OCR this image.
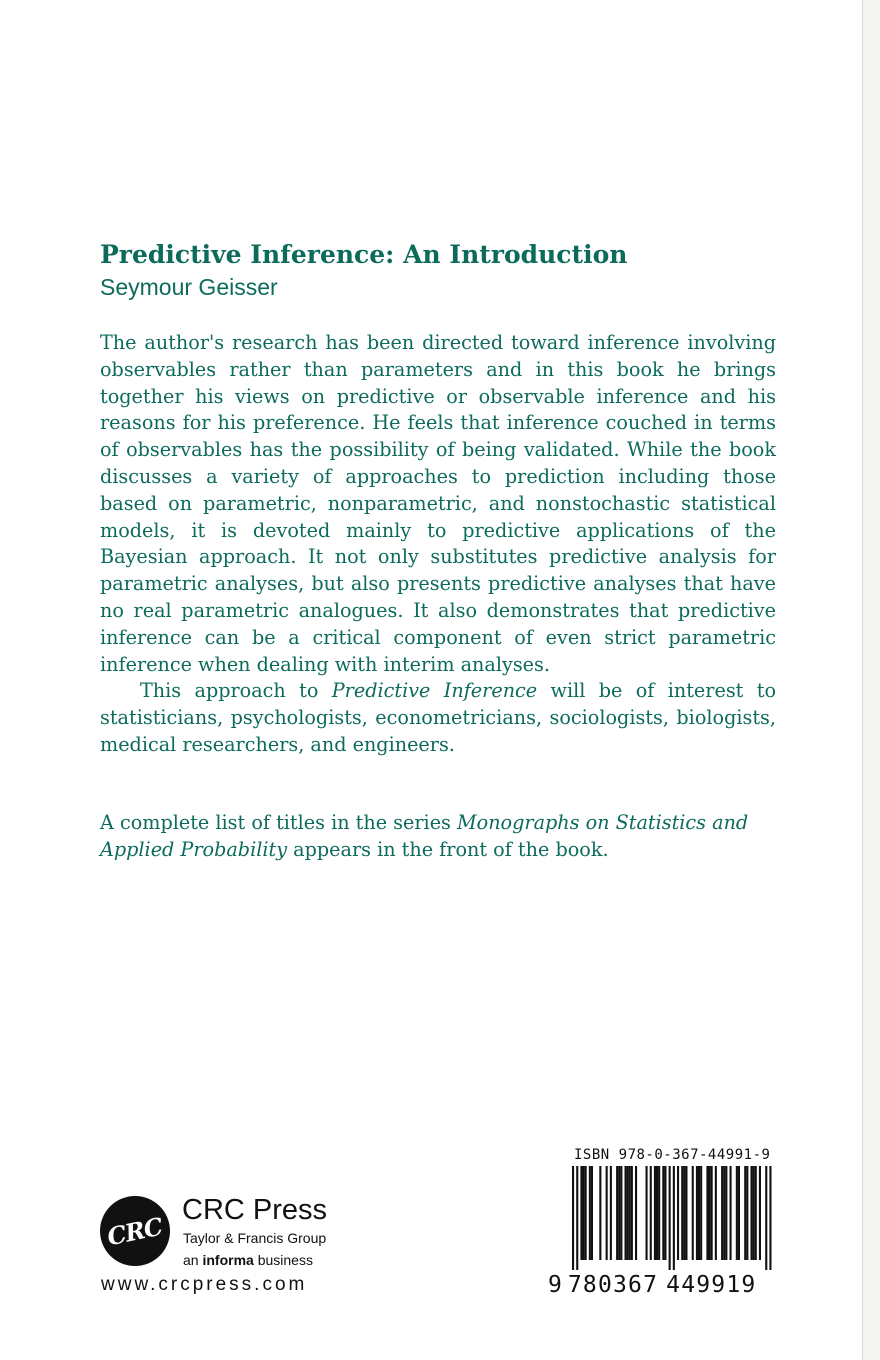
Predictive Inference: An Introduction
Seymour Geisser

The author's research has been directed toward inference involving observables rather than parameters and in this book he brings together his views on predictive or observable inference and his reasons for his preference. He feels that inference couched in terms of observables has the possibility of being validated. While the book discusses a variety of approaches to prediction including those based on parametric, nonparametric, and nonstochastic statistical models, it is devoted mainly to predictive applications of the Bayesian approach. It not only substitutes predictive analysis for parametric analyses, but also presents predictive analyses that have no real parametric analogues. It also demonstrates that predictive inference can be a critical component of even strict parametric inference when dealing with interim analyses.

This approach to Predictive Inference will be of interest to statisticians, psychologists, econometricians, sociologists, biologists, medical researchers, and engineers.

A complete list of titles in the series Monographs on Statistics and Applied Probability appears in the front of the book.
CRC
CRC Press
Taylor & Francis Group
an informa business
www.crcpress.com
ISBN 978-0-367-44991-9
9 780367 449919
